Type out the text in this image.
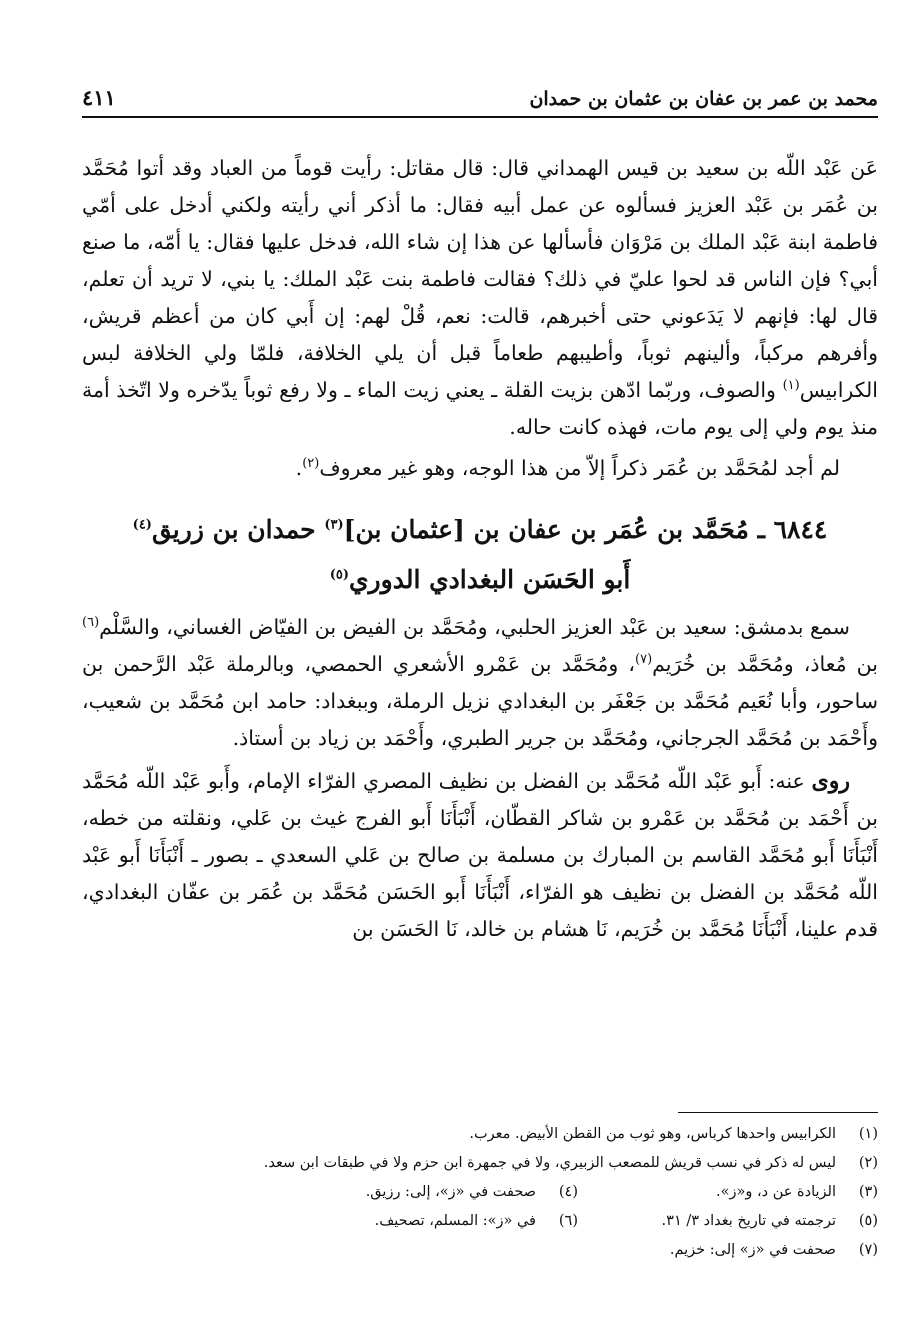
محمد بن عمر بن عفان بن عثمان بن حمدان
٤١١

عَن عَبْد اللّه بن سعيد بن قيس الهمداني قال: قال مقاتل: رأيت قوماً من العباد وقد أتوا مُحَمَّد بن عُمَر بن عَبْد العزيز فسألوه عن عمل أبيه فقال: ما أذكر أني رأيته ولكني أدخل على أمّي فاطمة ابنة عَبْد الملك بن مَرْوَان فأسألها عن هذا إن شاء الله، فدخل عليها فقال: يا أمّه، ما صنع أبي؟ فإن الناس قد لحوا عليّ في ذلك؟ فقالت فاطمة بنت عَبْد الملك: يا بني، لا تريد أن تعلم، قال لها: فإنهم لا يَدَعوني حتى أخبرهم، قالت: نعم، قُلْ لهم: إن أَبي كان من أعظم قريش، وأفرهم مركباً، وألينهم ثوباً، وأطيبهم طعاماً قبل أن يلي الخلافة، فلمّا ولي الخلافة لبس الكرابيس$^{(١)}$ والصوف، وربّما ادّهن بزيت القلة ـ يعني زيت الماء ـ ولا رفع ثوباً يدّخره ولا اتّخذ أمة منذ يوم ولي إلى يوم مات، فهذه كانت حاله.

لم أجد لمُحَمَّد بن عُمَر ذكراً إلاّ من هذا الوجه، وهو غير معروف$^{(٢)}$.

٦٨٤٤ ـ مُحَمَّد بن عُمَر بن عفان بن [عثمان بن]$^{(٣)}$ حمدان بن زريق$^{(٤)}$
أَبو الحَسَن البغدادي الدوري$^{(٥)}$

سمع بدمشق: سعيد بن عَبْد العزيز الحلبي، ومُحَمَّد بن الفيض بن الفيّاض الغساني، والسَّلْم$^{(٦)}$ بن مُعاذ، ومُحَمَّد بن خُرَيم$^{(٧)}$، ومُحَمَّد بن عَمْرو الأشعري الحمصي، وبالرملة عَبْد الرَّحمن بن ساحور، وأبا نُعَيم مُحَمَّد بن جَعْفَر بن البغدادي نزيل الرملة، وببغداد: حامد ابن مُحَمَّد بن شعيب، وأَحْمَد بن مُحَمَّد الجرجاني، ومُحَمَّد بن جرير الطبري، وأَحْمَد بن زياد بن أستاذ.

روى عنه: أَبو عَبْد اللّه مُحَمَّد بن الفضل بن نظيف المصري الفرّاء الإمام، وأَبو عَبْد اللّه مُحَمَّد بن أَحْمَد بن مُحَمَّد بن عَمْرو بن شاكر القطّان، أَنْبَأَنَا أَبو الفرج غيث بن عَلي، ونقلته من خطه، أَنْبَأَنَا أَبو مُحَمَّد القاسم بن المبارك بن مسلمة بن صالح بن عَلي السعدي ـ بصور ـ أَنْبَأَنَا أَبو عَبْد اللّه مُحَمَّد بن الفضل بن نظيف هو الفرّاء، أَنْبَأَنَا أَبو الحَسَن مُحَمَّد بن عُمَر بن عفّان البغدادي، قدم علينا، أَنْبَأَنَا مُحَمَّد بن خُرَيم، نَا هشام بن خالد، نَا الحَسَن بن

(١)
الكرابيس واحدها كرباس، وهو ثوب من القطن الأبيض. معرب.
(٢)
ليس له ذكر في نسب قريش للمصعب الزبيري، ولا في جمهرة ابن حزم ولا في طبقات ابن سعد.
(٣)
الزيادة عن د، و«ز».
(٤)
صحفت في «ز»، إلى: رزيق.
(٥)
ترجمته في تاريخ بغداد ٣/ ٣١.
(٦)
في «ز»: المسلم، تصحيف.
(٧)
صحفت في «ز» إلى: خزيم.
